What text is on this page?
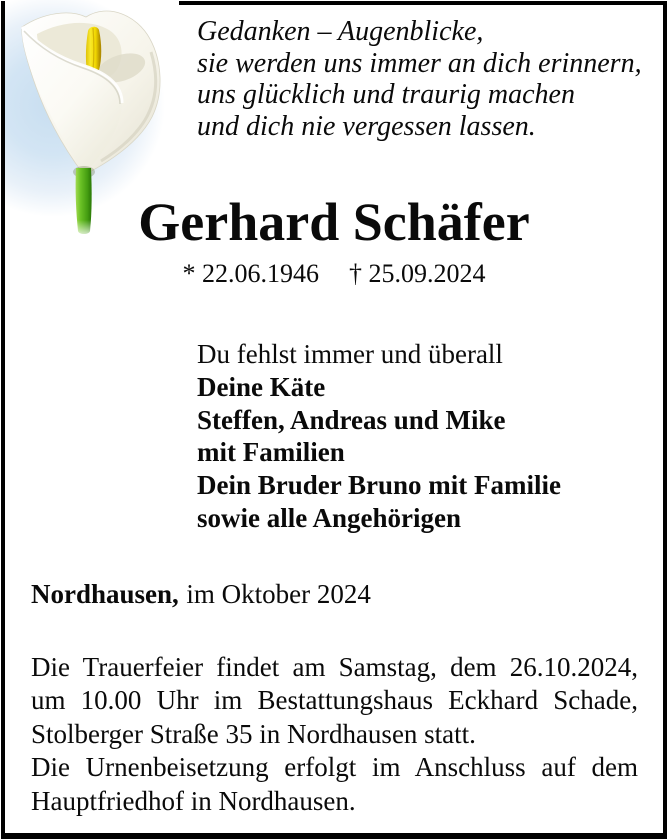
Gedanken – Augenblicke,
sie werden uns immer an dich erinnern,
uns glücklich und traurig machen
und dich nie vergessen lassen.
Gerhard Schäfer
* 22.06.1946 † 25.09.2024
Du fehlst immer und überall
Deine Käte
Steffen, Andreas und Mike
mit Familien
Dein Bruder Bruno mit Familie
sowie alle Angehörigen
Nordhausen, im Oktober 2024
Die Trauerfeier findet am Samstag, dem 26.10.2024,
um 10.00 Uhr im Bestattungshaus Eckhard Schade,
Stolberger Straße 35 in Nordhausen statt.
Die Urnenbeisetzung erfolgt im Anschluss auf dem
Hauptfriedhof in Nordhausen.
